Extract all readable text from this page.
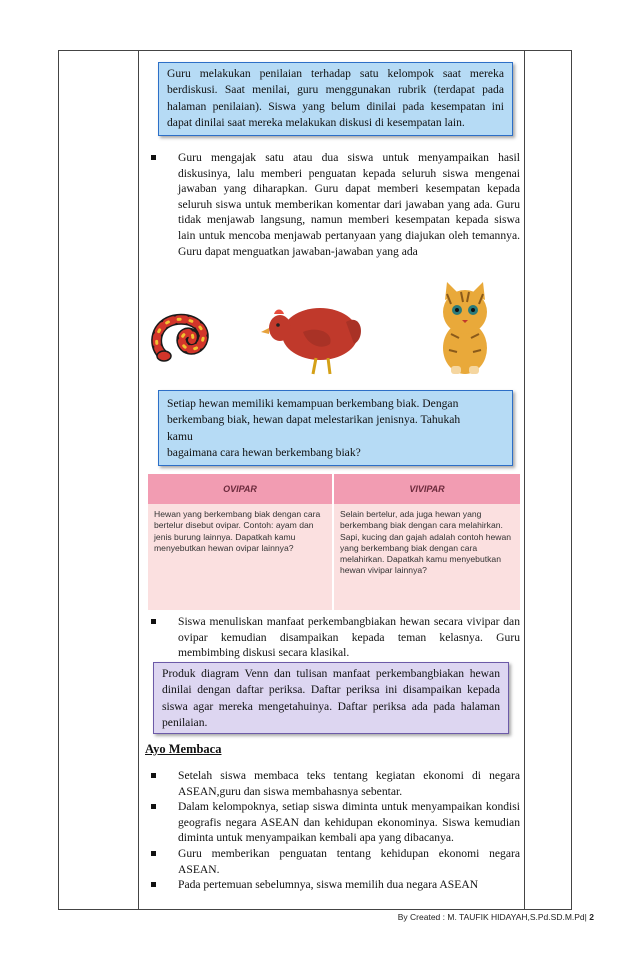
Guru melakukan penilaian terhadap satu kelompok saat mereka berdiskusi. Saat menilai, guru menggunakan rubrik (terdapat pada halaman penilaian). Siswa yang belum dinilai pada kesempatan ini dapat dinilai saat mereka melakukan diskusi di kesempatan lain.
Guru mengajak satu atau dua siswa untuk menyampaikan hasil diskusinya, lalu memberi penguatan kepada seluruh siswa mengenai jawaban yang diharapkan. Guru dapat memberi kesempatan kepada seluruh siswa untuk memberikan komentar dari jawaban yang ada. Guru tidak menjawab langsung, namun memberi kesempatan kepada siswa lain untuk mencoba menjawab pertanyaan yang diajukan oleh temannya. Guru dapat menguatkan jawaban-jawaban yang ada
Setiap hewan memiliki kemampuan berkembang biak. Dengan
berkembang biak, hewan dapat melestarikan jenisnya. Tahukah
kamu
bagaimana cara hewan berkembang biak?
OVIPAR	VIVIPAR
Hewan yang berkembang biak dengan cara bertelur disebut ovipar. Contoh: ayam dan jenis burung lainnya. Dapatkah kamu menyebutkan hewan ovipar lainnya?
Selain bertelur, ada juga hewan yang berkembang biak dengan cara melahirkan. Sapi, kucing dan gajah adalah contoh hewan yang berkembang biak dengan cara melahirkan. Dapatkah kamu menyebutkan hewan vivipar lainnya?
Siswa menuliskan manfaat perkembangbiakan hewan secara vivipar dan ovipar kemudian disampaikan kepada teman kelasnya. Guru membimbing diskusi secara klasikal.
Produk diagram Venn dan tulisan manfaat perkembangbiakan hewan dinilai dengan daftar periksa. Daftar periksa ini disampaikan kepada siswa agar mereka mengetahuinya. Daftar periksa ada pada halaman penilaian.
Ayo Membaca
Setelah siswa membaca teks tentang kegiatan ekonomi di negara ASEAN,guru dan siswa membahasnya sebentar.
Dalam kelompoknya, setiap siswa diminta untuk menyampaikan kondisi geografis negara ASEAN dan kehidupan ekonominya. Siswa kemudian diminta untuk menyampaikan kembali apa yang dibacanya.
Guru memberikan penguatan tentang kehidupan ekonomi negara ASEAN.
Pada pertemuan sebelumnya, siswa memilih dua negara ASEAN
By Created : M. TAUFIK HIDAYAH,S.Pd.SD.M.Pd| 2
